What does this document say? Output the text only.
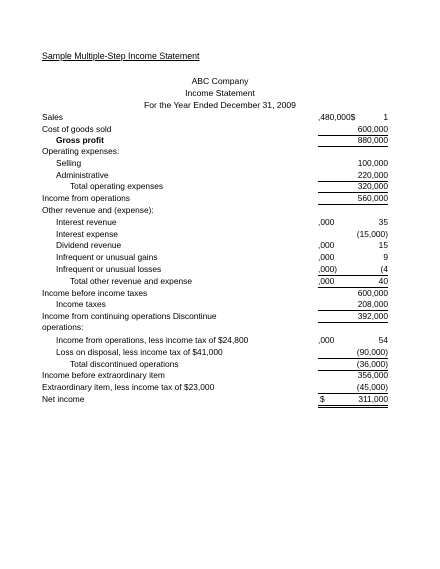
Sample Multiple-Step Income Statement
ABC Company
Income Statement
For the Year Ended December 31, 2009
Sales	,480,000$	1
Cost of goods sold	600,000
Gross profit	880,000
Operating expenses:
Selling	100,000
Administrative	220,000
Total operating expenses	320,000
Income from operations	560,000
Other revenue and (expense):
Interest revenue	,000	35
Interest expense	(15,000)
Dividend revenue	,000	15
Infrequent or unusual gains	,000	9
Infrequent or unusual losses	,000)	(4
Total other revenue and expense	,000	40
Income before income taxes	600,000
Income taxes	208,000
Income from continuing operations Discontinue	392,000
operations:
Income from operations, less income tax of $24,800	,000	54
Loss on disposal, less income tax of $41,000	(90,000)
Total discontinued operations	(36,000)
Income before extraordinary item	356,000
Extraordinary item, less income tax of $23,000	(45,000)
Net income	$	311,000
